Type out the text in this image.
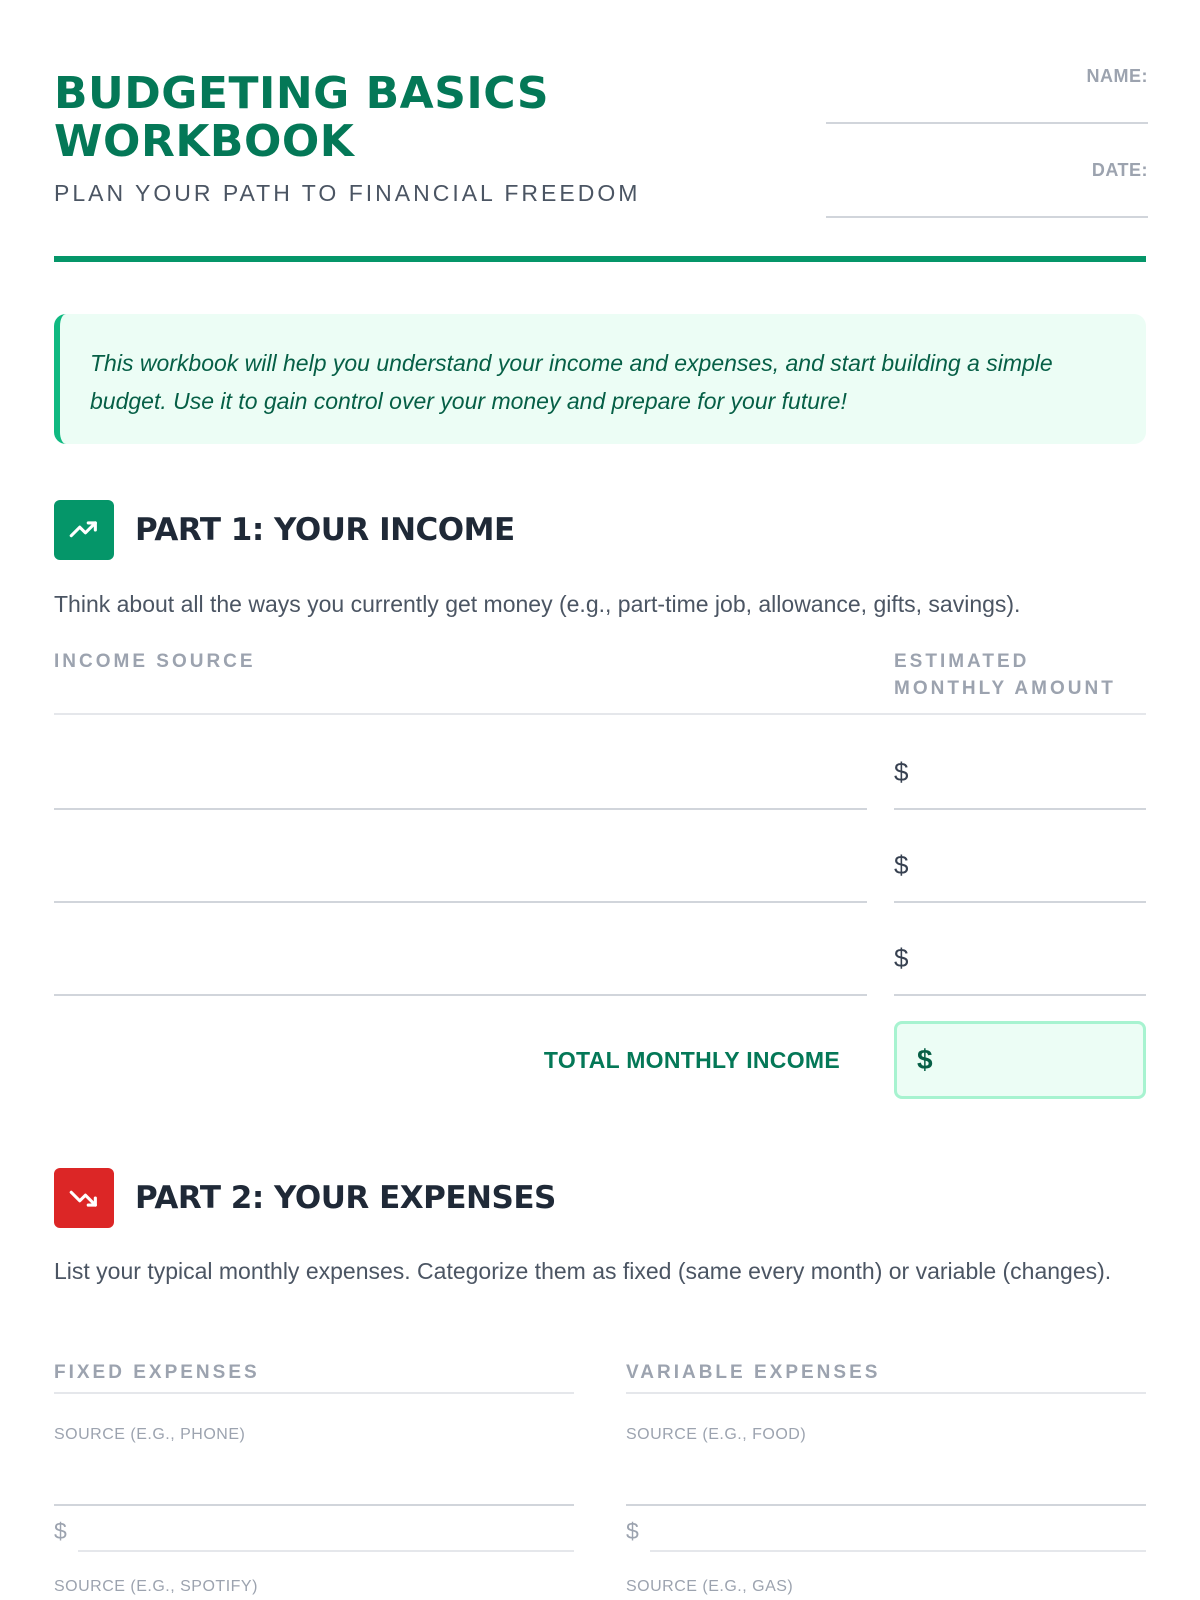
BUDGETING BASICS
WORKBOOK
PLAN YOUR PATH TO FINANCIAL FREEDOM
NAME:
DATE:

This workbook will help you understand your income and expenses, and start building a simple budget. Use it to gain control over your money and prepare for your future!

PART 1: YOUR INCOME
Think about all the ways you currently get money (e.g., part-time job, allowance, gifts, savings).
INCOME SOURCE	ESTIMATED
MONTHLY AMOUNT
$
$
$
TOTAL MONTHLY INCOME	$
PART 2: YOUR EXPENSES
List your typical monthly expenses. Categorize them as fixed (same every month) or variable (changes).
FIXED EXPENSES
SOURCE (E.G., PHONE)
$
SOURCE (E.G., SPOTIFY)
VARIABLE EXPENSES
SOURCE (E.G., FOOD)
$
SOURCE (E.G., GAS)
